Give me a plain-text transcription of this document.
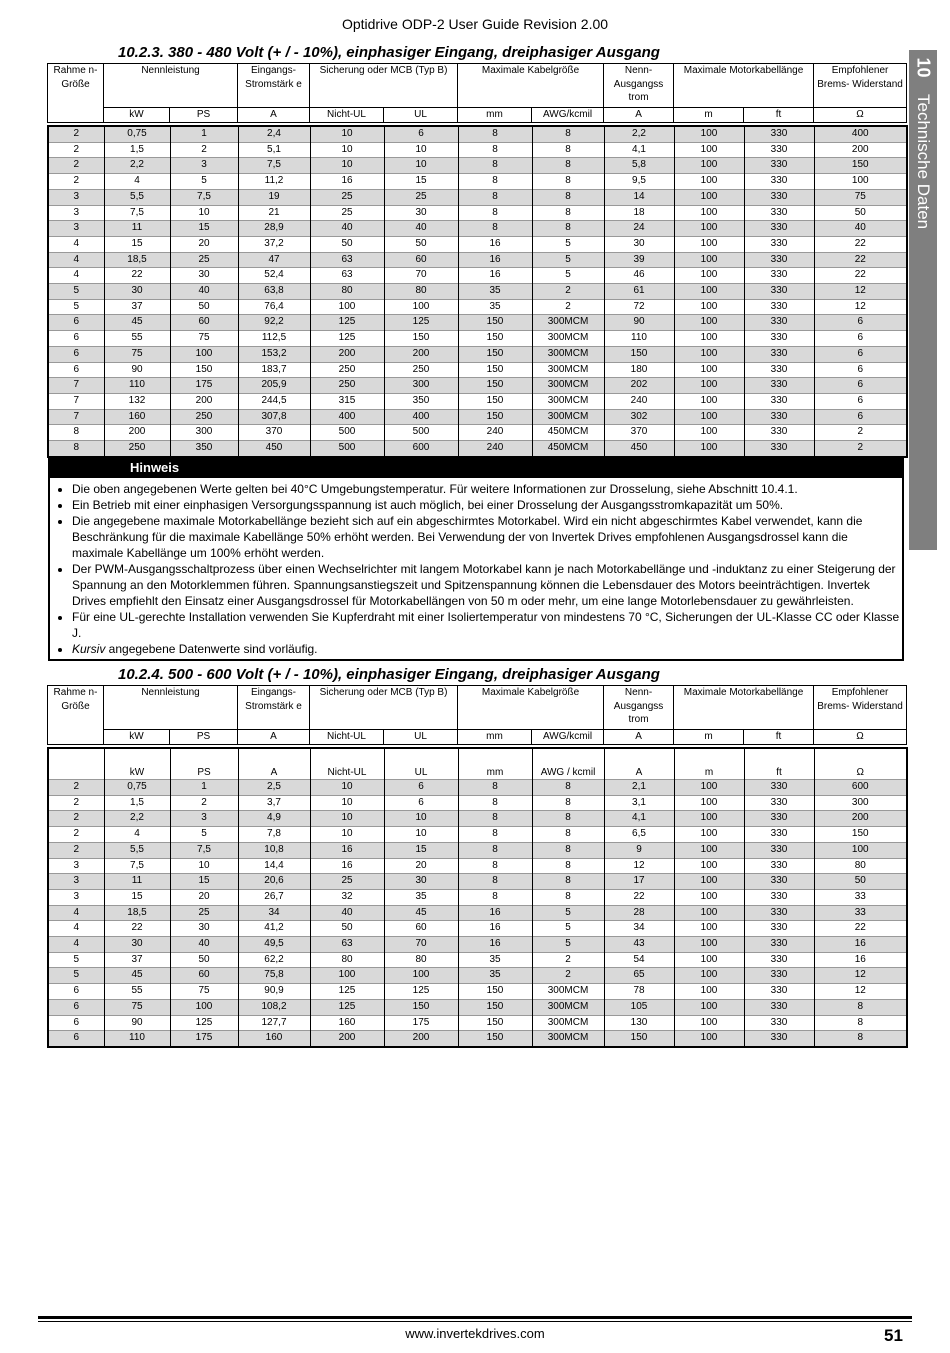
Optidrive ODP-2 User Guide Revision 2.00
10
Technische Daten
10.2.3. 380 - 480 Volt (+ / - 10%), einphasiger Eingang, dreiphasiger Ausgang
Rahme n- Größe	Nennleistung		Eingangs- Stromstärk e	Sicherung oder MCB (Typ B)		Maximale Kabelgröße		Nenn- Ausgangss trom	Maximale Motorkabellänge		Empfohlener Brems- Widerstand
	kW	PS	A	Nicht-UL	UL	mm	AWG/kcmil	A	m	ft	Ω
2	0,75	1	2,4	10	6	8	8	2,2	100	330	400
2	1,5	2	5,1	10	10	8	8	4,1	100	330	200
2	2,2	3	7,5	10	10	8	8	5,8	100	330	150
2	4	5	11,2	16	15	8	8	9,5	100	330	100
3	5,5	7,5	19	25	25	8	8	14	100	330	75
3	7,5	10	21	25	30	8	8	18	100	330	50
3	11	15	28,9	40	40	8	8	24	100	330	40
4	15	20	37,2	50	50	16	5	30	100	330	22
4	18,5	25	47	63	60	16	5	39	100	330	22
4	22	30	52,4	63	70	16	5	46	100	330	22
5	30	40	63,8	80	80	35	2	61	100	330	12
5	37	50	76,4	100	100	35	2	72	100	330	12
6	45	60	92,2	125	125	150	300MCM	90	100	330	6
6	55	75	112,5	125	150	150	300MCM	110	100	330	6
6	75	100	153,2	200	200	150	300MCM	150	100	330	6
6	90	150	183,7	250	250	150	300MCM	180	100	330	6
7	110	175	205,9	250	300	150	300MCM	202	100	330	6
7	132	200	244,5	315	350	150	300MCM	240	100	330	6
7	160	250	307,8	400	400	150	300MCM	302	100	330	6
8	200	300	370	500	500	240	450MCM	370	100	330	2
8	250	350	450	500	600	240	450MCM	450	100	330	2
Hinweis
• Die oben angegebenen Werte gelten bei 40°C Umgebungstemperatur. Für weitere Informationen zur Drosselung, siehe Abschnitt 10.4.1.
• Ein Betrieb mit einer einphasigen Versorgungsspannung ist auch möglich, bei einer Drosselung der Ausgangsstromkapazität um 50%.
• Die angegebene maximale Motorkabellänge bezieht sich auf ein abgeschirmtes Motorkabel. Wird ein nicht abgeschirmtes Kabel verwendet, kann die Beschränkung für die maximale Kabellänge 50% erhöht werden. Bei Verwendung der von Invertek Drives empfohlenen Ausgangsdrossel kann die maximale Kabellänge um 100% erhöht werden.
• Der PWM-Ausgangsschaltprozess über einen Wechselrichter mit langem Motorkabel kann je nach Motorkabellänge und -induktanz zu einer Steigerung der Spannung an den Motorklemmen führen. Spannungsanstiegszeit und Spitzenspannung können die Lebensdauer des Motors beeinträchtigen. Invertek Drives empfiehlt den Einsatz einer Ausgangsdrossel für Motorkabellängen von 50 m oder mehr, um eine lange Motorlebensdauer zu gewährleisten.
• Für eine UL-gerechte Installation verwenden Sie Kupferdraht mit einer Isoliertemperatur von mindestens 70 °C, Sicherungen der UL-Klasse CC oder Klasse J.
• Kursiv angegebene Datenwerte sind vorläufig.
10.2.4. 500 - 600 Volt (+ / - 10%), einphasiger Eingang, dreiphasiger Ausgang
Rahme n- Größe	Nennleistung		Eingangs- Stromstärk e	Sicherung oder MCB (Typ B)		Maximale Kabelgröße		Nenn- Ausgangss trom	Maximale Motorkabellänge		Empfohlener Brems- Widerstand
	kW	PS	A	Nicht-UL	UL	mm	AWG/kcmil	A	m	ft	Ω
	kW	PS	A	Nicht-UL	UL	mm	AWG / kcmil	A	m	ft	Ω
2	0,75	1	2,5	10	6	8	8	2,1	100	330	600
2	1,5	2	3,7	10	6	8	8	3,1	100	330	300
2	2,2	3	4,9	10	10	8	8	4,1	100	330	200
2	4	5	7,8	10	10	8	8	6,5	100	330	150
2	5,5	7,5	10,8	16	15	8	8	9	100	330	100
3	7,5	10	14,4	16	20	8	8	12	100	330	80
3	11	15	20,6	25	30	8	8	17	100	330	50
3	15	20	26,7	32	35	8	8	22	100	330	33
4	18,5	25	34	40	45	16	5	28	100	330	33
4	22	30	41,2	50	60	16	5	34	100	330	22
4	30	40	49,5	63	70	16	5	43	100	330	16
5	37	50	62,2	80	80	35	2	54	100	330	16
5	45	60	75,8	100	100	35	2	65	100	330	12
6	55	75	90,9	125	125	150	300MCM	78	100	330	12
6	75	100	108,2	125	150	150	300MCM	105	100	330	8
6	90	125	127,7	160	175	150	300MCM	130	100	330	8
6	110	175	160	200	200	150	300MCM	150	100	330	8
www.invertekdrives.com	51
